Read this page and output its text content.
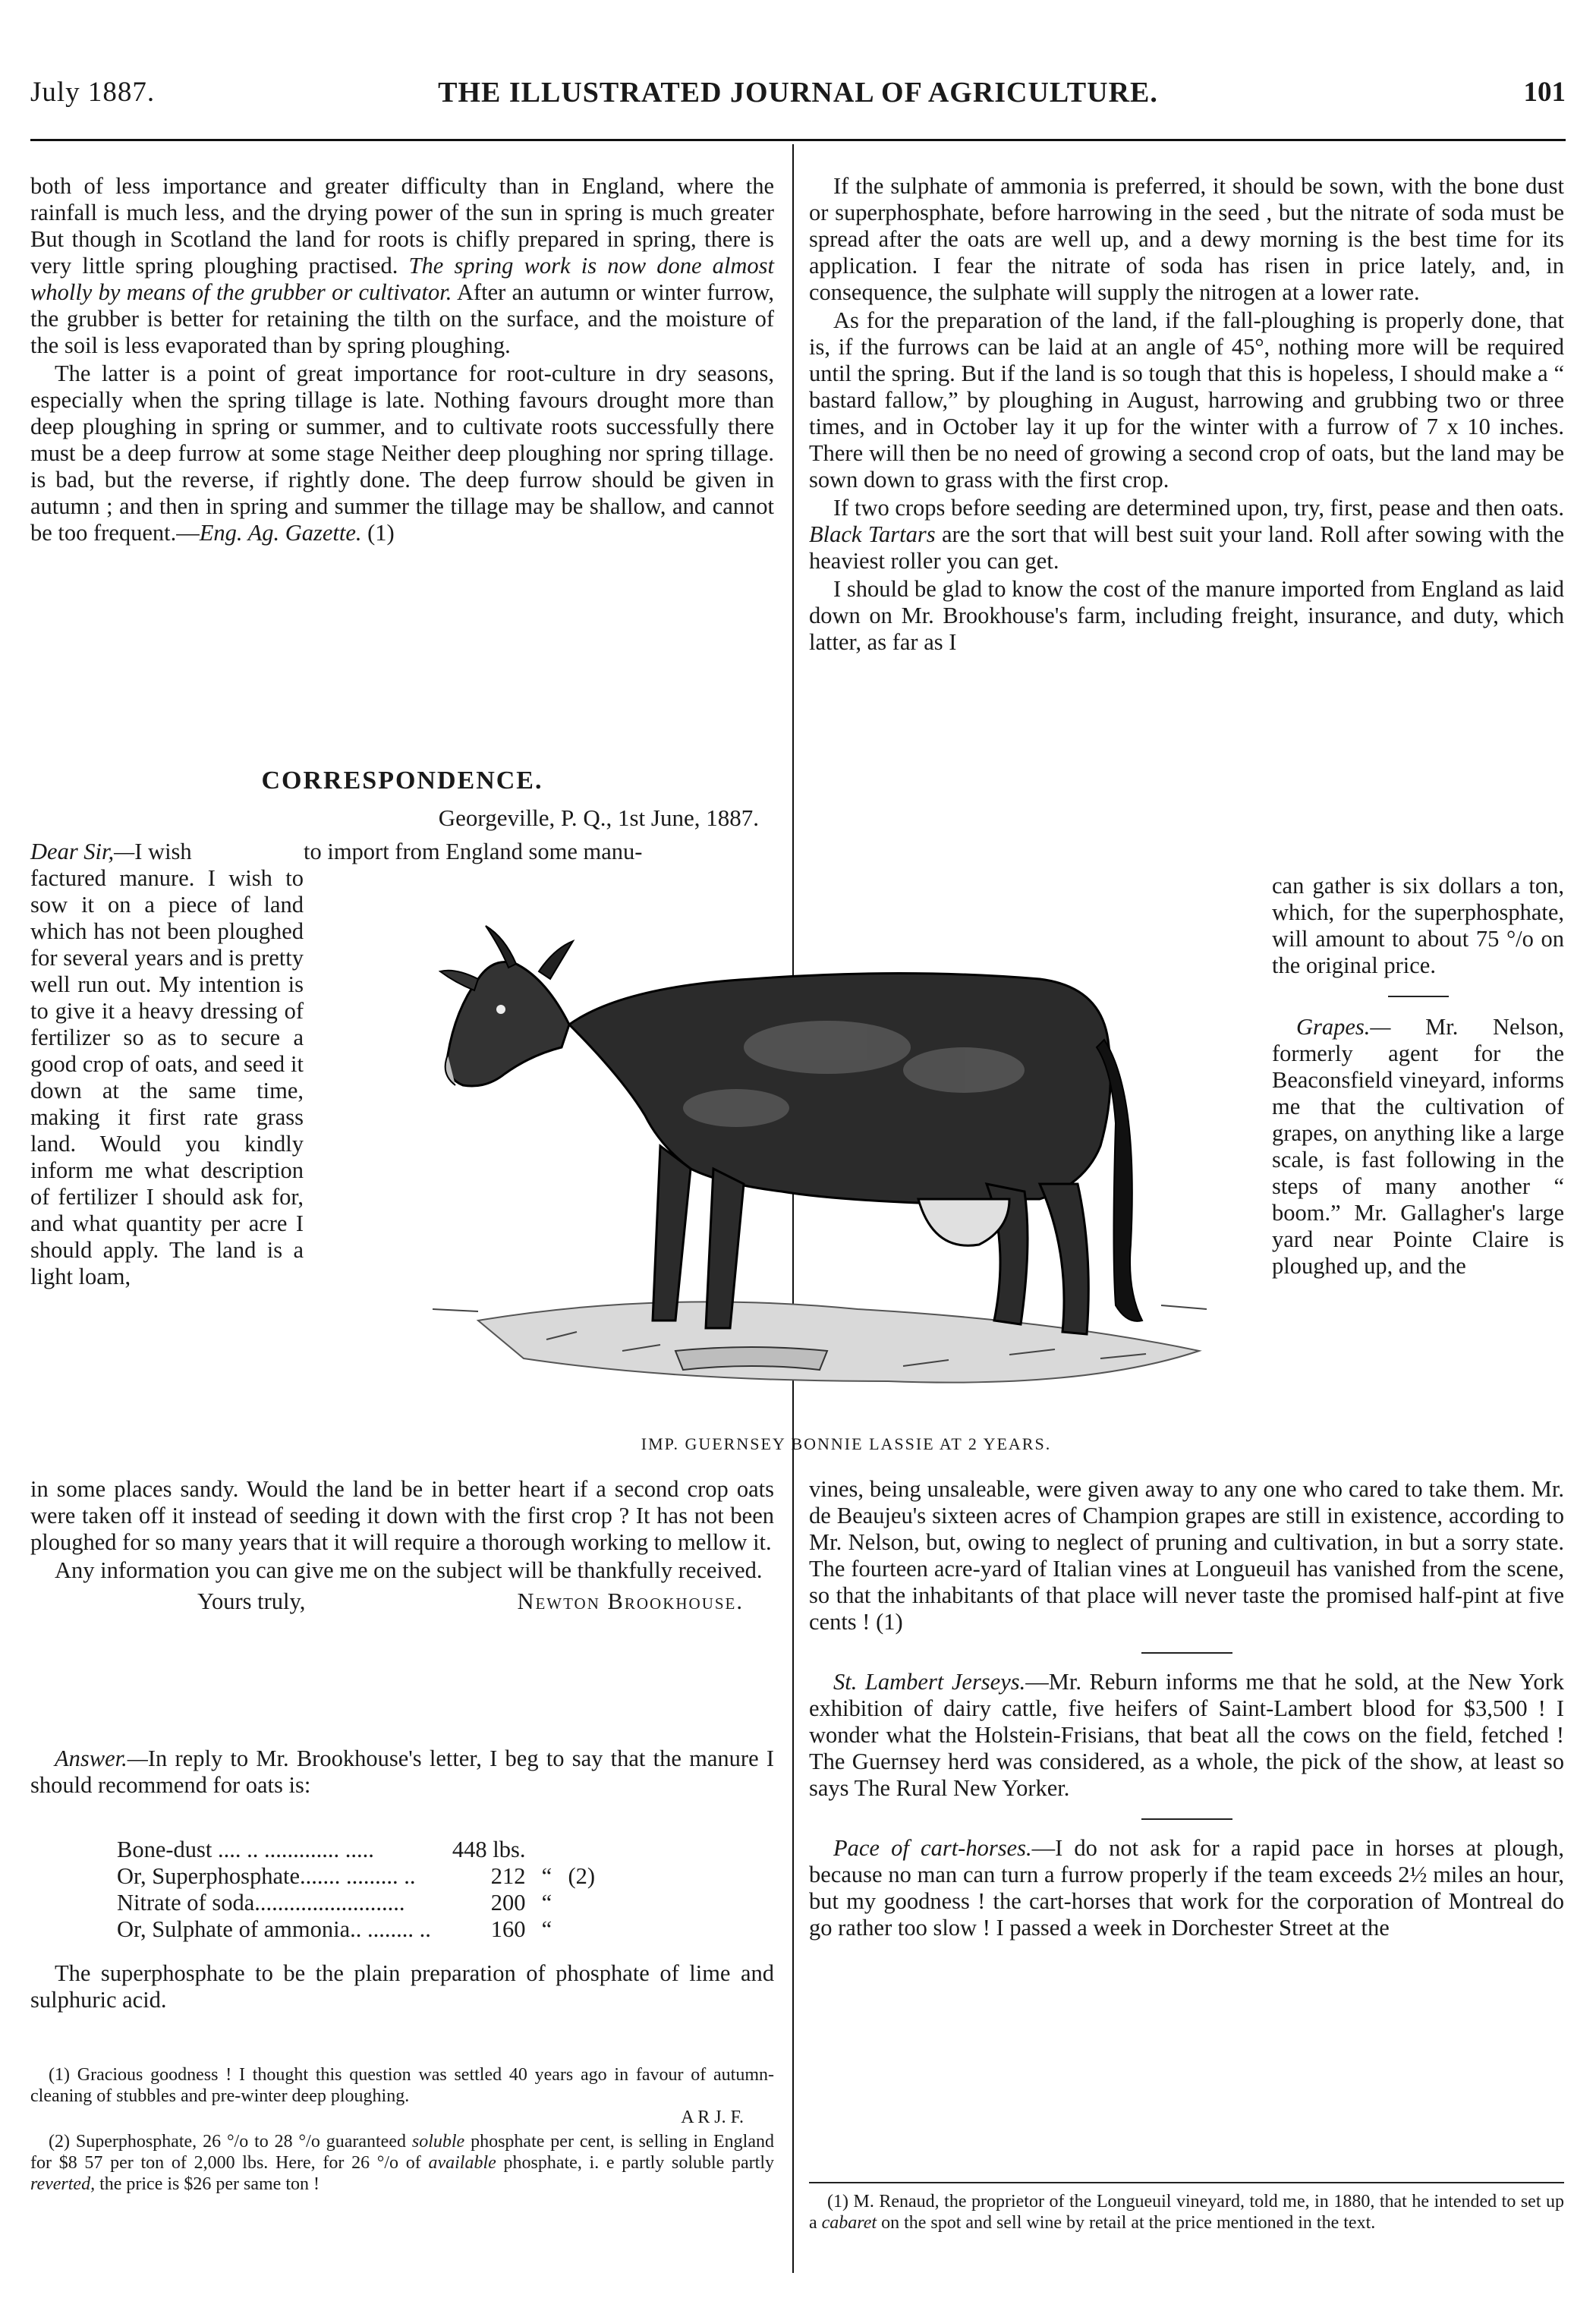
July 1887.	THE ILLUSTRATED JOURNAL OF AGRICULTURE.	101

both of less importance and greater difficulty than in England, where the rainfall is much less, and the drying power of the sun in spring is much greater But though in Scotland the land for roots is chifly prepared in spring, there is very little spring ploughing practised. The spring work is now done almost wholly by means of the grubber or cultivator. After an autumn or winter furrow, the grubber is better for retaining the tilth on the surface, and the moisture of the soil is less evaporated than by spring ploughing.

The latter is a point of great importance for root-culture in dry seasons, especially when the spring tillage is late. Nothing favours drought more than deep ploughing in spring or summer, and to cultivate roots successfully there must be a deep furrow at some stage Neither deep ploughing nor spring tillage. is bad, but the reverse, if rightly done. The deep furrow should be given in autumn ; and then in spring and summer the tillage may be shallow, and cannot be too frequent.—Eng. Ag. Gazette. (1)

CORRESPONDENCE.
Georgeville, P. Q., 1st June, 1887.
Dear Sir,—I wish	to import from England some manu-

factured manure. I wish to sow it on a piece of land which has not been ploughed for several years and is pretty well run out. My intention is to give it a heavy dressing of fertilizer so as to secure a good crop of oats, and seed it down at the same time, making it first rate grass land. Would you kindly inform me what description of fertilizer I should ask for, and what quantity per acre I should apply. The land is a light loam,

IMP. GUERNSEY BONNIE LASSIE AT 2 YEARS.

If the sulphate of ammonia is preferred, it should be sown, with the bone dust or superphosphate, before harrowing in the seed , but the nitrate of soda must be spread after the oats are well up, and a dewy morning is the best time for its application. I fear the nitrate of soda has risen in price lately, and, in consequence, the sulphate will supply the nitrogen at a lower rate.

As for the preparation of the land, if the fall-ploughing is properly done, that is, if the furrows can be laid at an angle of 45°, nothing more will be required until the spring. But if the land is so tough that this is hopeless, I should make a “ bastard fallow,” by ploughing in August, harrowing and grubbing two or three times, and in October lay it up for the winter with a furrow of 7 x 10 inches. There will then be no need of growing a second crop of oats, but the land may be sown down to grass with the first crop.

If two crops before seeding are determined upon, try, first, pease and then oats. Black Tartars are the sort that will best suit your land. Roll after sowing with the heaviest roller you can get.

I should be glad to know the cost of the manure imported from England as laid down on Mr. Brookhouse's farm, including freight, insurance, and duty, which latter, as far as I

can gather is six dollars a ton, which, for the superphosphate, will amount to about 75 °/o on the original price.

Grapes.— Mr. Nelson, formerly agent for the Beaconsfield vineyard, informs me that the cultivation of grapes, on anything like a large scale, is fast following in the steps of many another “ boom.” Mr. Gallagher's large yard near Pointe Claire is ploughed up, and the

in some places sandy. Would the land be in better heart if a second crop oats were taken off it instead of seeding it down with the first crop ? It has not been ploughed for so many years that it will require a thorough working to mellow it.

Any information you can give me on the subject will be thankfully received.

Yours truly,	Newton Brookhouse.

Answer.—In reply to Mr. Brookhouse's letter, I beg to say that the manure I should recommend for oats is:

Bone-dust .... .. ............. .....	448 lbs.		
Or, Superphosphate....... ......... ..	212	“	(2)
Nitrate of soda..........................	200	“	
Or, Sulphate of ammonia.. ........ ..	160	“	

The superphosphate to be the plain preparation of phosphate of lime and sulphuric acid.

(1) Gracious goodness ! I thought this question was settled 40 years ago in favour of autumn-cleaning of stubbles and pre-winter deep ploughing.
A R J. F.

(2) Superphosphate, 26 °/o to 28 °/o guaranteed soluble phosphate per cent, is selling in England for $8 57 per ton of 2,000 lbs. Here, for 26 °/o of available phosphate, i. e partly soluble partly reverted, the price is $26 per same ton !

vines, being unsaleable, were given away to any one who cared to take them. Mr. de Beaujeu's sixteen acres of Champion grapes are still in existence, according to Mr. Nelson, but, owing to neglect of pruning and cultivation, in but a sorry state. The fourteen acre-yard of Italian vines at Longueuil has vanished from the scene, so that the inhabitants of that place will never taste the promised half-pint at five cents ! (1)

St. Lambert Jerseys.—Mr. Reburn informs me that he sold, at the New York exhibition of dairy cattle, five heifers of Saint-Lambert blood for $3,500 ! I wonder what the Holstein-Frisians, that beat all the cows on the field, fetched ! The Guernsey herd was considered, as a whole, the pick of the show, at least so says The Rural New Yorker.

Pace of cart-horses.—I do not ask for a rapid pace in horses at plough, because no man can turn a furrow properly if the team exceeds 2½ miles an hour, but my goodness ! the cart-horses that work for the corporation of Montreal do go rather too slow ! I passed a week in Dorchester Street at the

(1) M. Renaud, the proprietor of the Longueuil vineyard, told me, in 1880, that he intended to set up a cabaret on the spot and sell wine by retail at the price mentioned in the text.
